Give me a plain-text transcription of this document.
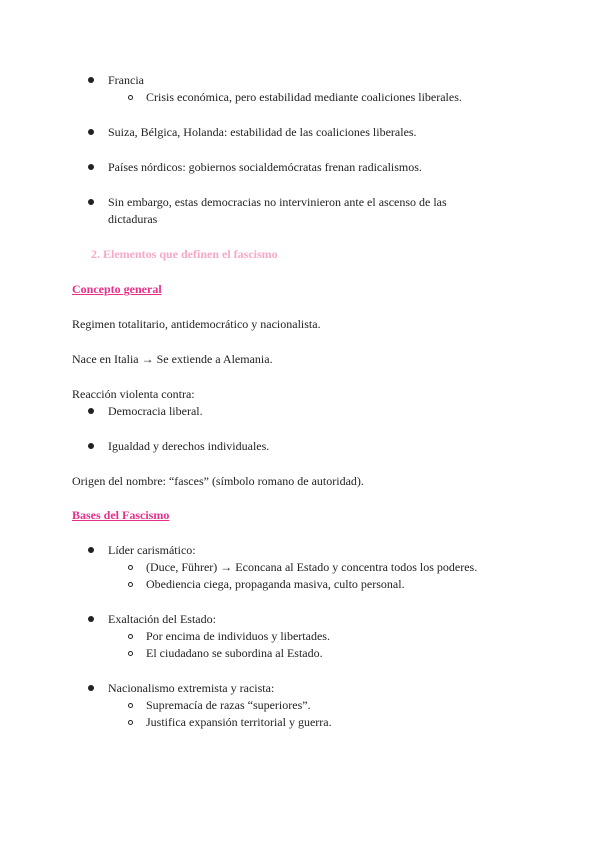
Francia
Crisis económica, pero estabilidad mediante coaliciones liberales.
Suiza, Bélgica, Holanda: estabilidad de las coaliciones liberales.
Países nórdicos: gobiernos socialdemócratas frenan radicalismos.
Sin embargo, estas democracias no intervinieron ante el ascenso de las
dictaduras
2. Elementos que definen el fascismo
Concepto general
Regimen totalitario, antidemocrático y nacionalista.
Nace en Italia → Se extiende a Alemania.
Reacción violenta contra:
Democracia liberal.
Igualdad y derechos individuales.
Origen del nombre: “fasces” (símbolo romano de autoridad).
Bases del Fascismo
Líder carismático:
(Duce, Führer) → Econcana al Estado y concentra todos los poderes.
Obediencia ciega, propaganda masiva, culto personal.
Exaltación del Estado:
Por encima de individuos y libertades.
El ciudadano se subordina al Estado.
Nacionalismo extremista y racista:
Supremacía de razas “superiores”.
Justifica expansión territorial y guerra.
